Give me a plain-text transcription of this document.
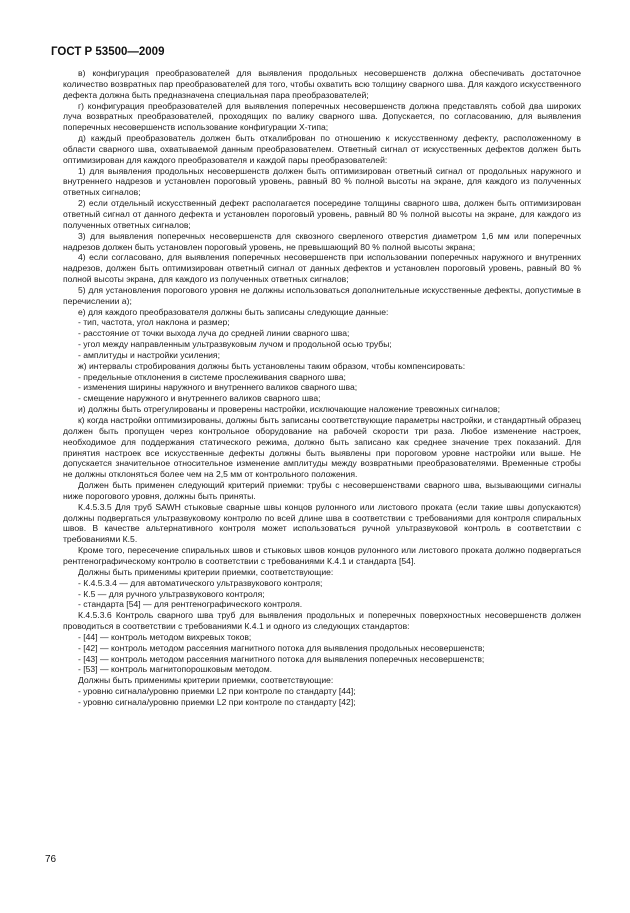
ГОСТ Р 53500—2009

в) конфигурация преобразователей для выявления продольных несовершенств должна обеспечивать достаточное количество возвратных пар преобразователей для того, чтобы охватить всю толщину сварного шва. Для каждого искусственного дефекта должна быть предназначена специальная пара преобразователей;

г) конфигурация преобразователей для выявления поперечных несовершенств должна представлять собой два широких луча возвратных преобразователей, проходящих по валику сварного шва. Допускается, по согласованию, для выявления поперечных несовершенств использование конфигурации X-типа;

д) каждый преобразователь должен быть откалиброван по отношению к искусственному дефекту, расположенному в области сварного шва, охватываемой данным преобразователем. Ответный сигнал от искусственных дефектов должен быть оптимизирован для каждого преобразователя и каждой пары преобразователей:

1) для выявления продольных несовершенств должен быть оптимизирован ответный сигнал от продольных наружного и внутреннего надрезов и установлен пороговый уровень, равный 80 % полной высоты на экране, для каждого из полученных ответных сигналов;

2) если отдельный искусственный дефект располагается посередине толщины сварного шва, должен быть оптимизирован ответный сигнал от данного дефекта и установлен пороговый уровень, равный 80 % полной высоты на экране, для каждого из полученных ответных сигналов;

3) для выявления поперечных несовершенств для сквозного сверленого отверстия диаметром 1,6 мм или поперечных надрезов должен быть установлен пороговый уровень, не превышающий 80 % полной высоты экрана;

4) если согласовано, для выявления поперечных несовершенств при использовании поперечных наружного и внутренних надрезов, должен быть оптимизирован ответный сигнал от данных дефектов и установлен пороговый уровень, равный 80 % полной высоты экрана, для каждого из полученных ответных сигналов;

5) для установления порогового уровня не должны использоваться дополнительные искусственные дефекты, допустимые в перечислении а);

е) для каждого преобразователя должны быть записаны следующие данные:

- тип, частота, угол наклона и размер;

- расстояние от точки выхода луча до средней линии сварного шва;

- угол между направленным ультразвуковым лучом и продольной осью трубы;

- амплитуды и настройки усиления;

ж) интервалы стробирования должны быть установлены таким образом, чтобы компенсировать:

- предельные отклонения в системе прослеживания сварного шва;

- изменения ширины наружного и внутреннего валиков сварного шва;

- смещение наружного и внутреннего валиков сварного шва;

и) должны быть отрегулированы и проверены настройки, исключающие наложение тревожных сигналов;

к) когда настройки оптимизированы, должны быть записаны соответствующие параметры настройки, и стандартный образец должен быть пропущен через контрольное оборудование на рабочей скорости три раза. Любое изменение настроек, необходимое для поддержания статического режима, должно быть записано как среднее значение трех показаний. Для принятия настроек все искусственные дефекты должны быть выявлены при пороговом уровне настройки или выше. Не допускается значительное относительное изменение амплитуды между возвратными преобразователями. Временные стробы не должны отклоняться более чем на 2,5 мм от контрольного положения.

Должен быть применен следующий критерий приемки: трубы с несовершенствами сварного шва, вызывающими сигналы ниже порогового уровня, должны быть приняты.

К.4.5.3.5 Для труб SAWH стыковые сварные швы концов рулонного или листового проката (если такие швы допускаются) должны подвергаться ультразвуковому контролю по всей длине шва в соответствии с требованиями для контроля спиральных швов. В качестве альтернативного контроля может использоваться ручной ультразвуковой контроль в соответствии с требованиями К.5.

Кроме того, пересечение спиральных швов и стыковых швов концов рулонного или листового проката должно подвергаться рентгенографическому контролю в соответствии с требованиями К.4.1 и стандарта [54].

Должны быть применимы критерии приемки, соответствующие:

- К.4.5.3.4 — для автоматического ультразвукового контроля;

- К.5 — для ручного ультразвукового контроля;

- стандарта [54] — для рентгенографического контроля.

К.4.5.3.6 Контроль сварного шва труб для выявления продольных и поперечных поверхностных несовершенств должен проводиться в соответствии с требованиями К.4.1 и одного из следующих стандартов:

- [44] — контроль методом вихревых токов;

- [42] — контроль методом рассеяния магнитного потока для выявления продольных несовершенств;

- [43] — контроль методом рассеяния магнитного потока для выявления поперечных несовершенств;

- [53] — контроль магнитопорошковым методом.

Должны быть применимы критерии приемки, соответствующие:

- уровню сигнала/уровню приемки L2 при контроле по стандарту [44];

- уровню сигнала/уровню приемки L2 при контроле по стандарту [42];

76
